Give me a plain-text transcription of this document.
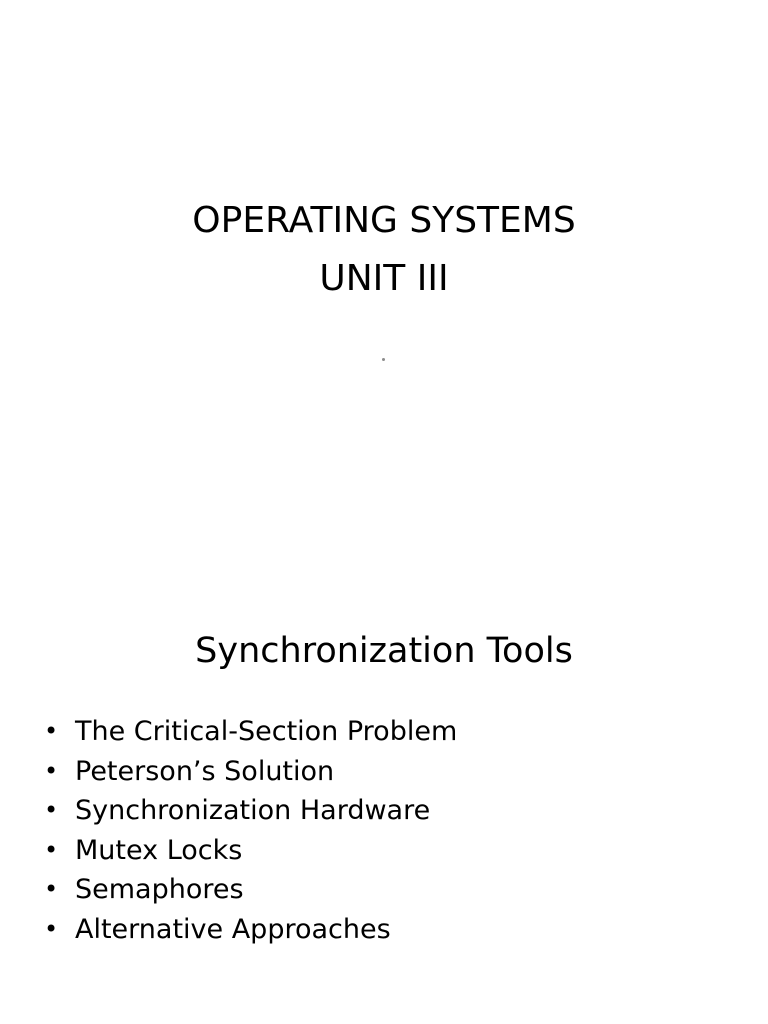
OPERATING SYSTEMS
UNIT III
Synchronization Tools
• The Critical-Section Problem
• Peterson’s Solution
• Synchronization Hardware
• Mutex Locks
• Semaphores
• Alternative Approaches
